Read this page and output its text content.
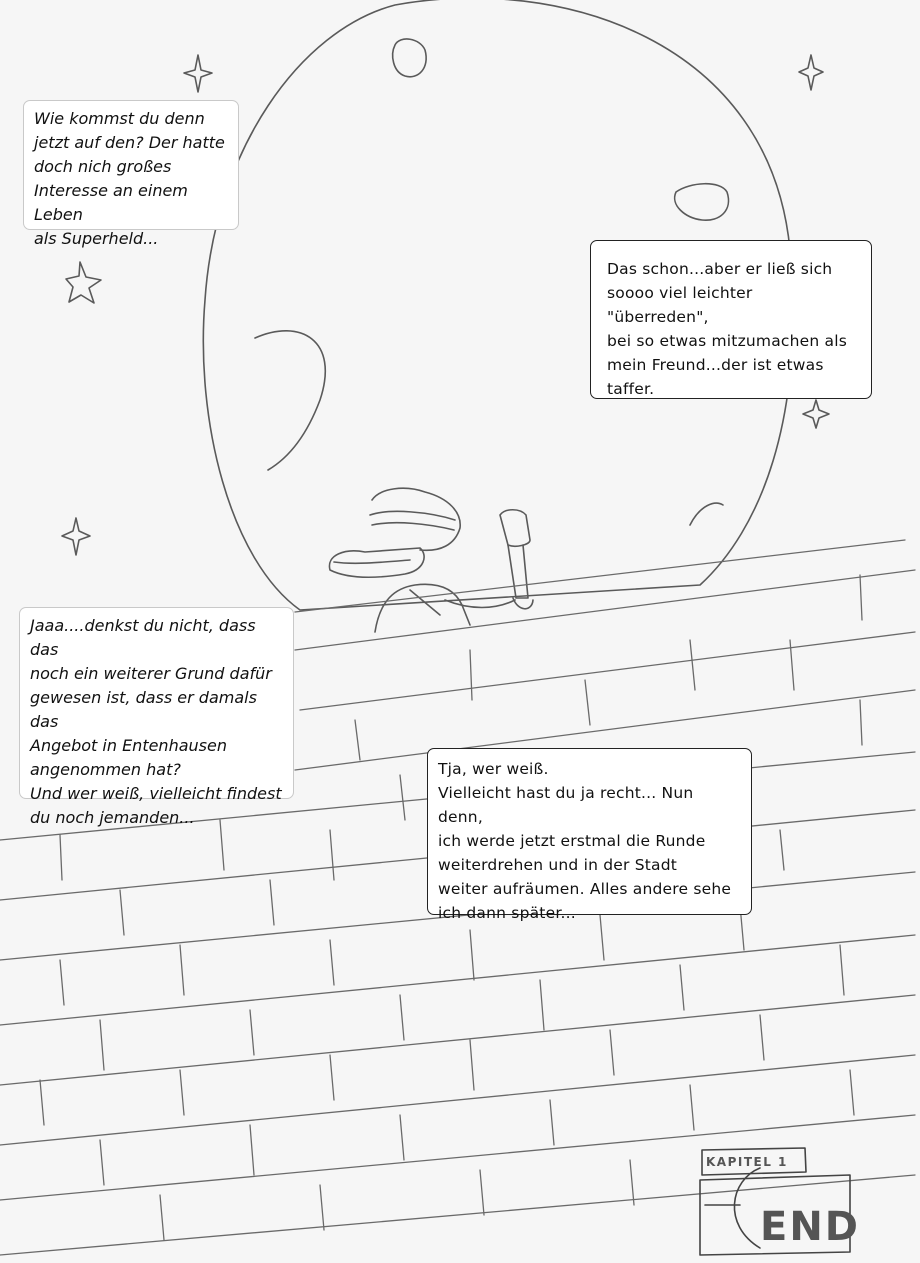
KAPITEL 1
END
Wie kommst du denn
jetzt auf den? Der hatte
doch nich großes
Interesse an einem Leben
als Superheld...
Das schon...aber er ließ sich
soooo viel leichter "überreden",
bei so etwas mitzumachen als
mein Freund...der ist etwas
taffer.
Jaaa....denkst du nicht, dass das
noch ein weiterer Grund dafür
gewesen ist, dass er damals das
Angebot in Entenhausen
angenommen hat?
Und wer weiß, vielleicht findest
du noch jemanden...
Tja, wer weiß.
Vielleicht hast du ja recht... Nun denn,
ich werde jetzt erstmal die Runde
weiterdrehen und in der Stadt
weiter aufräumen. Alles andere sehe
ich dann später...
